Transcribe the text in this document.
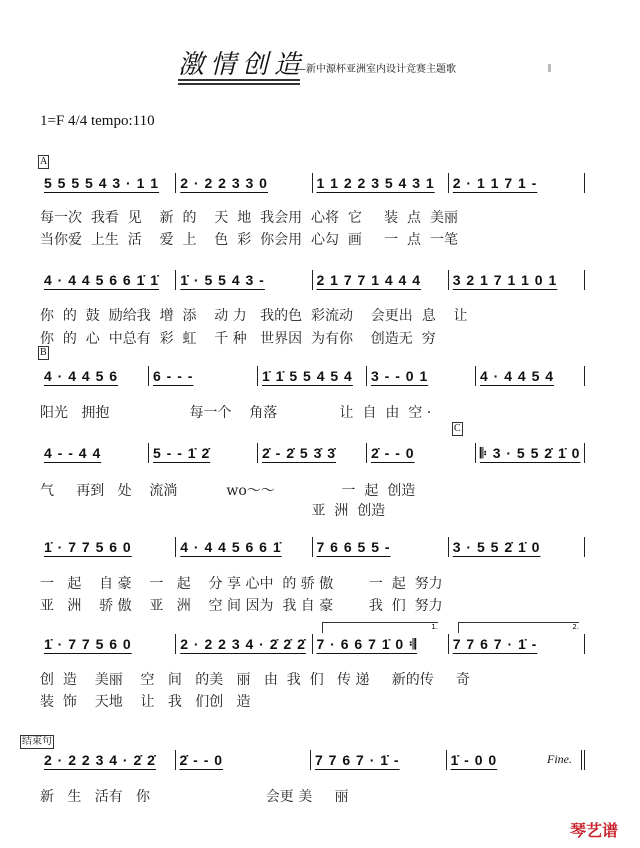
激情创造
—新中源杯亚洲室内设计竞赛主题歌
1=F 4/4 tempo:110
A
B
C
结束句
5 5 5 5 4 3 · 1 1	2 · 2 2 3 3 0	1 1 2 2 3 5 4 3 1	2 · 1 1 7 1 -
每一次  我看  见    新  的    天  地  我会用  心将  它     装  点  美丽
当你爱  上生  活    爱  上    色  彩  你会用  心勾  画     一  点  一笔
4 · 4 4 5 6 6 1̇ 1̇	1̇ · 5 5 4 3 -	2 1 7 7 1 4 4 4	3 2 1 7 1 1 0 1
你  的  鼓  励给我  增  添    动 力   我的色  彩流动    会更出  息    让
你  的  心  中总有  彩  虹    千 种   世界因  为有你    创造无  穷
4 · 4 4 5 6	6 - - -	1̇ 1̇ 5 5 4 5 4	3 - - 0 1	4 · 4 4 5 4
阳光   拥抱                  每一个    角落              让  自  由  空 ·
4 - - 4 4	5 - - 1̇ 2̇	2̇ - 2̇ 5 3̇ 3̇	2̇ - - 0	𝄆 3 · 5 5 2̇ 1̇ 0
气     再到   处    流淌           wo～～               一  起  创造
亚  洲  创造
1̇ · 7 7 5 6 0	4 · 4 4 5 6 6 1̇	7 6 6 5 5 -	3 · 5 5 2̇ 1̇ 0
一   起    自 豪    一   起    分 享 心中  的 骄 傲        一  起  努力
亚   洲    骄 傲    亚   洲    空 间 因为  我 自 豪        我  们  努力
1̇ · 7 7 5 6 0	2 · 2 2 3 4 · 2̇ 2̇ 2̇ 7 · 6 6 7 1̇ 0 𝄇	7 7 6 7 · 1̇ -
创  造    美丽    空   间   的美   丽   由  我  们   传 递     新的传     奇
装  饰    天地    让   我   们创   造
2 · 2 2 3 4 · 2̇ 2̇	2̇ - - 0	7 7 6 7 · 1̇ -	1̇ - 0 0
新   生   活有   你                          会更 美     丽
1.	2.
Fine.
琴艺谱
